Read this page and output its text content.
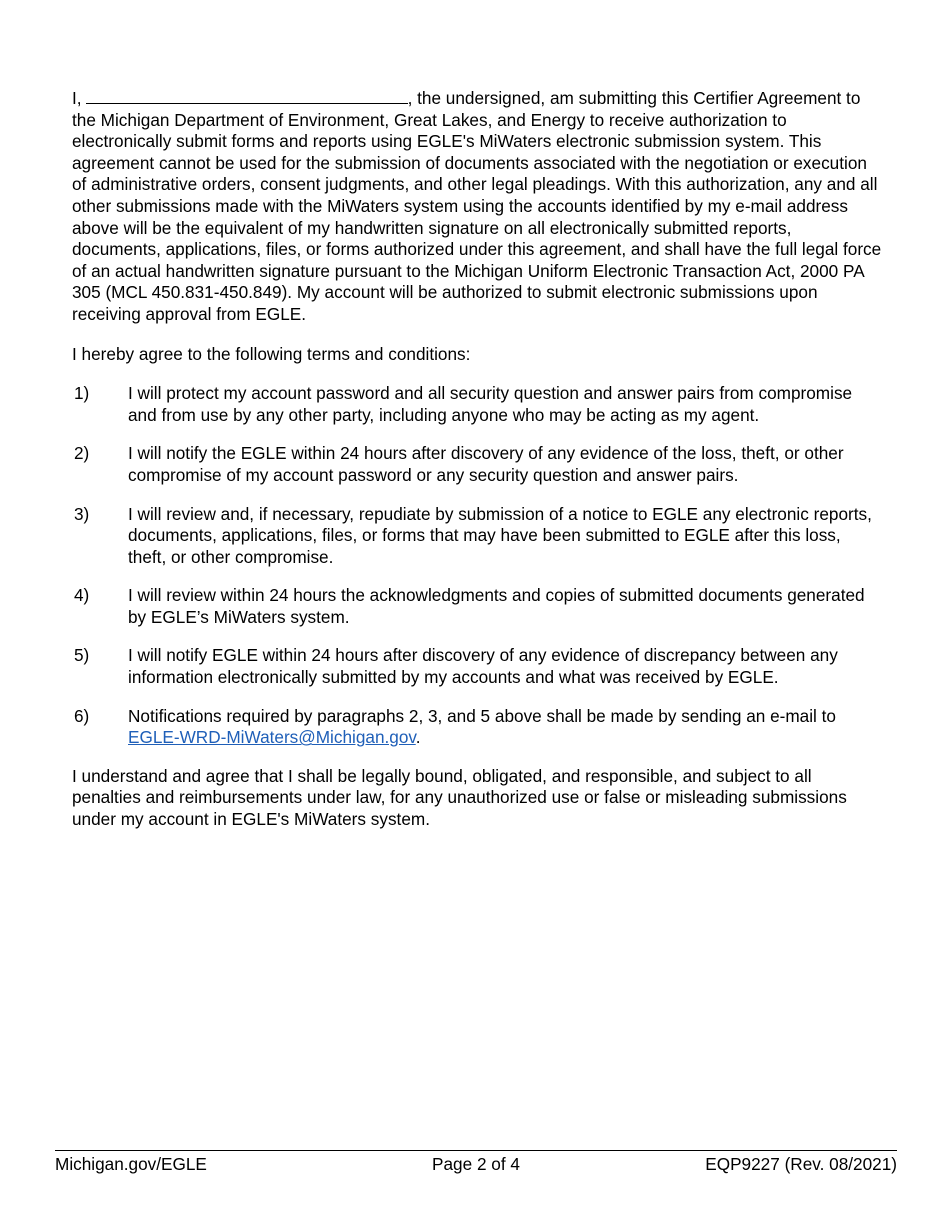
I,	, the undersigned, am submitting this Certifier Agreement to the Michigan Department of Environment, Great Lakes, and Energy to receive authorization to electronically submit forms and reports using EGLE's MiWaters electronic submission system. This agreement cannot be used for the submission of documents associated with the negotiation or execution of administrative orders, consent judgments, and other legal pleadings. With this authorization, any and all other submissions made with the MiWaters system using the accounts identified by my e-mail address above will be the equivalent of my handwritten signature on all electronically submitted reports, documents, applications, files, or forms authorized under this agreement, and shall have the full legal force of an actual handwritten signature pursuant to the Michigan Uniform Electronic Transaction Act, 2000 PA 305 (MCL 450.831-450.849). My account will be authorized to submit electronic submissions upon receiving approval from EGLE.

I hereby agree to the following terms and conditions:

1)	I will protect my account password and all security question and answer pairs from compromise and from use by any other party, including anyone who may be acting as my agent.
2)	I will notify the EGLE within 24 hours after discovery of any evidence of the loss, theft, or other compromise of my account password or any security question and answer pairs.
3)	I will review and, if necessary, repudiate by submission of a notice to EGLE any electronic reports, documents, applications, files, or forms that may have been submitted to EGLE after this loss, theft, or other compromise.
4)	I will review within 24 hours the acknowledgments and copies of submitted documents generated by EGLE’s MiWaters system.
5)	I will notify EGLE within 24 hours after discovery of any evidence of discrepancy between any information electronically submitted by my accounts and what was received by EGLE.
6)	Notifications required by paragraphs 2, 3, and 5 above shall be made by sending an e-mail to EGLE-WRD-MiWaters@Michigan.gov.

I understand and agree that I shall be legally bound, obligated, and responsible, and subject to all penalties and reimbursements under law, for any unauthorized use or false or misleading submissions under my account in EGLE's MiWaters system.

Michigan.gov/EGLE	Page 2 of 4	EQP9227 (Rev. 08/2021)
